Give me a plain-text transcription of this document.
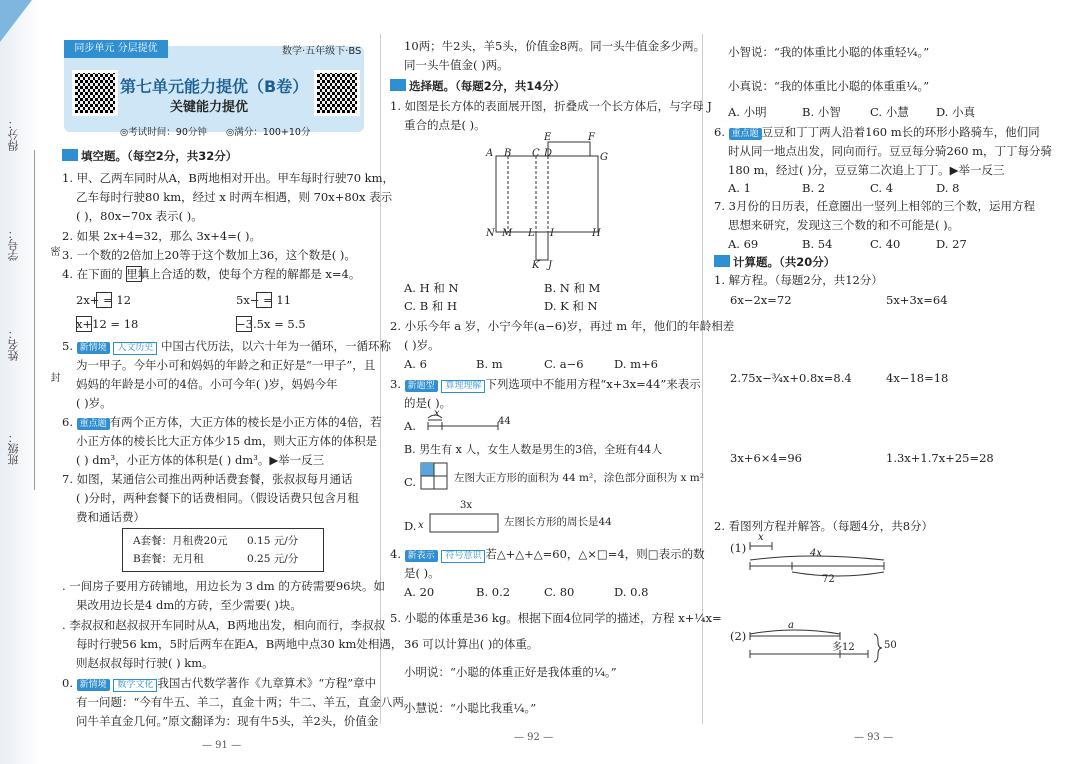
得分：
学号：
姓名：
班级：
密
封
同步单元 分层提优	数学·五年级下·BS
第七单元能力提优（B卷）
关键能力提优
◎考试时间：90分钟 ◎满分：100+10分
填空题。（每空2分，共32分）
1. 甲、乙两车同时从A，B两地相对开出。甲车每时行驶70 km，
乙车每时行驶80 km，经过 x 时两车相遇，则 70x+80x 表示
( )，80x−70x 表示( )。
2. 如果 2x+4=32，那么 3x+4=( )。
3. 一个数的2倍加上20等于这个数加上36，这个数是( )。
4. 在下面的 里填上合适的数，使每个方程的解都是 x=4。
2x+ = 12	5x− = 11
x+12 = 18	−3.5x = 5.5
5. 新情境 人文历史 中国古代历法，以六十年为一循环，一循环称
为一甲子。今年小可和妈妈的年龄之和正好是“一甲子”，且
妈妈的年龄是小可的4倍。小可今年( )岁，妈妈今年
( )岁。
6. 重点题 有两个正方体，大正方体的棱长是小正方体的4倍，若
小正方体的棱长比大正方体少15 dm，则大正方体的体积是
( ) dm³，小正方体的体积是( ) dm³。▶举一反三
7. 如图，某通信公司推出两种话费套餐，张叔叔每月通话
( )分时，两种套餐下的话费相同。（假设话费只包含月租
费和通话费）
A套餐：月租费20元 0.15 元/分
B套餐：无月租	0.25 元/分
. 一间房子要用方砖铺地，用边长为 3 dm 的方砖需要96块。如
果改用边长是4 dm的方砖，至少需要( )块。
. 李叔叔和赵叔叔开车同时从A，B两地出发，相向而行，李叔叔
每时行驶56 km，5时后两车在距A，B两地中点30 km处相遇，
则赵叔叔每时行驶( ) km。
0. 新情境 数学文化 我国古代数学著作《九章算术》“方程”章中
有一问题：“今有牛五、羊二，直金十两；牛二、羊五，直金八两。
问牛羊直金几何。”原文翻译为：现有牛5头，羊2头，价值金
— 91 —
10两；牛2头，羊5头，价值金8两。同一头牛值金多少两。
同一头牛值金( )两。
选择题。（每题2分，共14分）
1. 如图是长方体的表面展开图，折叠成一个长方体后，与字母 J
重合的点是( )。
A B C D
E	F
G
N M L I	H
K J
A. H 和 N	B. N 和 M
C. B 和 H	D. K 和 N
2. 小乐今年 a 岁，小宁今年(a−6)岁，再过 m 年，他们的年龄相差
( )岁。
A. 6	B. m	C. a−6	D. m+6
3. 新题型 算理理解 下列选项中不能用方程“x+3x=44”来表示
的是( )。
A.
x
44
B. 男生有 x 人，女生人数是男生的3倍，全班有44人
C.	左图大正方形的面积为 44 m²，涂色部分面积为 x m²
D.
3x
x	左图长方形的周长是44
4. 新表示 符号意识 若△+△+△=60，△×□=4，则□表示的数
是( )。
A. 20	B. 0.2	C. 80	D. 0.8
5. 小聪的体重是36 kg。根据下面4位同学的描述，方程 x+¼x=
36 可以计算出( )的体重。
小明说：“小聪的体重正好是我体重的¼。”
小慧说：“小聪比我重¼。”
— 92 —
小智说：“我的体重比小聪的体重轻¼。”
小真说：“我的体重比小聪的体重重¼。”
A. 小明	B. 小智	C. 小慧 D. 小真
6. 重点题 豆豆和丁丁两人沿着160 m长的环形小路骑车，他们同
时从同一地点出发，同向而行。豆豆每分骑260 m，丁丁每分骑
180 m，经过( )分，豆豆第二次追上丁丁。▶举一反三
A. 1	B. 2	C. 4	D. 8
7. 3月份的日历表，任意圈出一竖列上相邻的三个数，运用方程
思想来研究，发现这三个数的和不可能是( )。
A. 69	B. 54	C. 40	D. 27
计算题。（共20分）
1. 解方程。（每题2分，共12分）
6x−2x=72	5x+3x=64
2.75x−¾x+0.8x=8.4	4x−18=18
3x+6×4=96	1.3x+1.7x+25=28
2. 看图列方程并解答。（每题4分，共8分）
(1)
x
4x
72
(2)
a
多12	50
— 93 —
